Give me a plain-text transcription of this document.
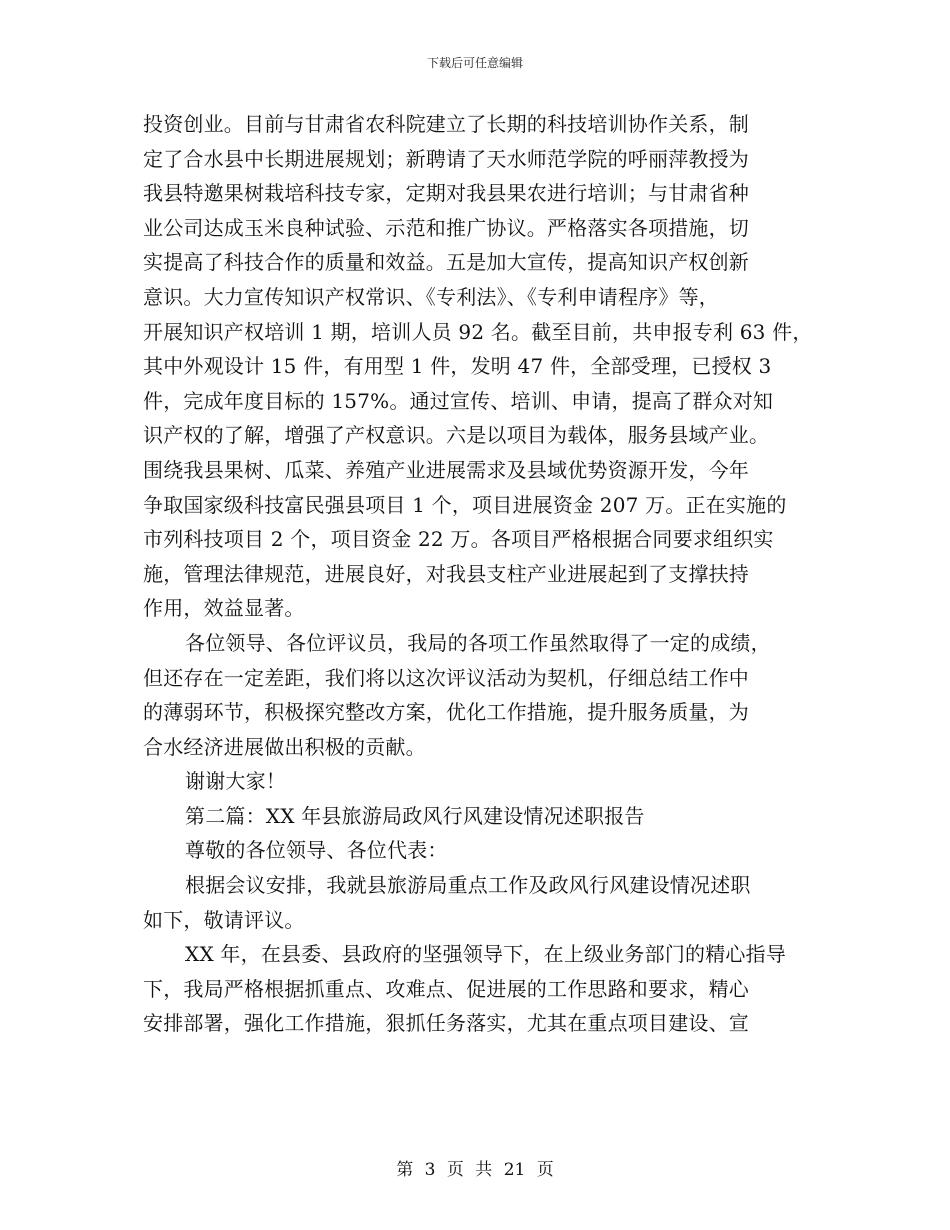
下载后可任意编辑
投资创业。目前与甘肃省农科院建立了长期的科技培训协作关系，制
定了合水县中长期进展规划；新聘请了天水师范学院的呼丽萍教授为
我县特邀果树栽培科技专家，定期对我县果农进行培训；与甘肃省种
业公司达成玉米良种试验、示范和推广协议。严格落实各项措施，切
实提高了科技合作的质量和效益。五是加大宣传，提高知识产权创新
意识。大力宣传知识产权常识、《专利法》、《专利申请程序》等，
开展知识产权培训 1 期，培训人员 92 名。截至目前，共申报专利 63 件，
其中外观设计 15 件，有用型 1 件，发明 47 件，全部受理，已授权 3
件，完成年度目标的 157%。通过宣传、培训、申请，提高了群众对知
识产权的了解，增强了产权意识。六是以项目为载体，服务县域产业。
围绕我县果树、瓜菜、养殖产业进展需求及县域优势资源开发，今年
争取国家级科技富民强县项目 1 个，项目进展资金 207 万。正在实施的
市列科技项目 2 个，项目资金 22 万。各项目严格根据合同要求组织实
施，管理法律规范，进展良好，对我县支柱产业进展起到了支撑扶持
作用，效益显著。
各位领导、各位评议员，我局的各项工作虽然取得了一定的成绩，
但还存在一定差距，我们将以这次评议活动为契机，仔细总结工作中
的薄弱环节，积极探究整改方案，优化工作措施，提升服务质量，为
合水经济进展做出积极的贡献。
谢谢大家！
第二篇：XX 年县旅游局政风行风建设情况述职报告
尊敬的各位领导、各位代表：
根据会议安排，我就县旅游局重点工作及政风行风建设情况述职
如下，敬请评议。
XX 年，在县委、县政府的坚强领导下，在上级业务部门的精心指导
下，我局严格根据抓重点、攻难点、促进展的工作思路和要求，精心
安排部署，强化工作措施，狠抓任务落实，尤其在重点项目建设、宣
第 3 页 共 21 页
